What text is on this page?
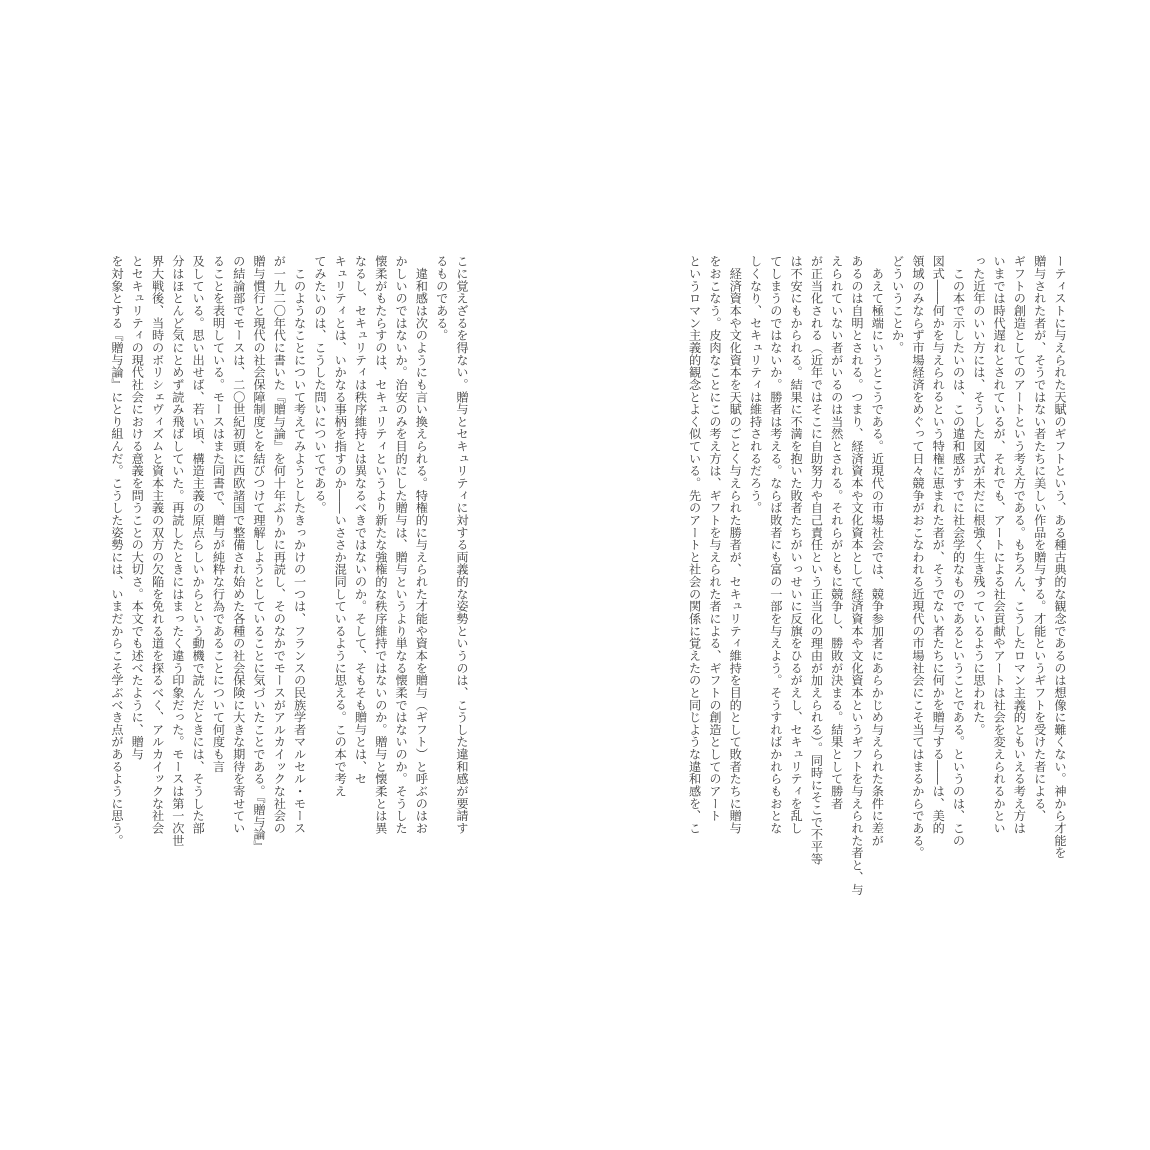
ーティストに与えられた天賦のギフトという、ある種古典的な観念であるのは想像に難くない。神から才能を

贈与された者が、そうではない者たちに美しい作品を贈与する。才能というギフトを受けた者による、

ギフトの創造としてのアートという考え方である。もちろん、こうしたロマン主義的ともいえる考え方は

いまでは時代遅れとされているが、それでも、アートによる社会貢献やアートは社会を変えられるかとい

った近年のいい方には、そうした図式が未だに根強く生き残っているように思われた。

　この本で示したいのは、この違和感がすでに社会学的なものであるということである。というのは、この

図式――何かを与えられるという特権に恵まれた者が、そうでない者たちに何かを贈与する――は、美的

領域のみならず市場経済をめぐって日々競争がおこなわれる近現代の市場社会にこそ当てはまるからである。

どういうことか。

　あえて極端にいうとこうである。近現代の市場社会では、競争参加者にあらかじめ与えられた条件に差が

あるのは自明とされる。つまり、経済資本や文化資本として経済資本や文化資本というギフトを与えられた者と、与

えられていない者がいるのは当然とされる。それらがともに競争し、勝敗が決まる。結果として勝者

が正当化される（近年ではそこに自助努力や自己責任という正当化の理由が加えられる）。同時にそこで不平等

は不安にもかられる。結果に不満を抱いた敗者たちがいっせいに反旗をひるがえし、セキュリティを乱し

てしまうのではないか。勝者は考える。ならば敗者にも富の一部を与えよう。そうすればかれらもおとな

しくなり、セキュリティは維持されるだろう。

　経済資本や文化資本を天賦のごとく与えられた勝者が、セキュリティ維持を目的として敗者たちに贈与

をおこなう。皮肉なことにこの考え方は、ギフトを与えられた者による、ギフトの創造としてのアート

というロマン主義的観念とよく似ている。先のアートと社会の関係に覚えたのと同じような違和感を、こ

こに覚えざるを得ない。贈与とセキュリティに対する両義的な姿勢というのは、こうした違和感が要請す

るものである。

　違和感は次のようにも言い換えられる。特権的に与えられた才能や資本を贈与（ギフト）と呼ぶのはお

かしいのではないか。治安のみを目的にした贈与は、贈与というより単なる懐柔ではないのか。そうした

懐柔がもたらすのは、セキュリティというより新たな強権的な秩序維持ではないのか。贈与と懐柔とは異

なるし、セキュリティは秩序維持とは異なるべきではないのか。そして、そもそも贈与とは、セ

キュリティとは、いかなる事柄を指すのか――いささか混同しているように思える。この本で考え

てみたいのは、こうした問いについてである。

　このようなことについて考えてみようとしたきっかけの一つは、フランスの民族学者マルセル・モース

が一九二〇年代に書いた『贈与論』を何十年ぶりかに再読し、そのなかでモースがアルカイックな社会の

贈与慣行と現代の社会保障制度とを結びつけて理解しようとしていることに気づいたことである。『贈与論』

の結論部でモースは、二〇世紀初頭に西欧諸国で整備され始めた各種の社会保険に大きな期待を寄せてい

ることを表明している。モースはまた同書で、贈与が純粋な行為であることについて何度も言

及している。思い出せば、若い頃、構造主義の原点らしいからという動機で読んだときには、そうした部

分はほとんど気にとめず読み飛ばしていた。再読したときにはまったく違う印象だった。モースは第一次世

界大戦後、当時のボリシェヴィズムと資本主義の双方の欠陥を免れる道を探るべく、アルカイックな社会

とセキュリティの現代社会における意義を問うことの大切さ。本文でも述べたように、贈与

を対象とする『贈与論』にとり組んだ。こうした姿勢には、いまだからこそ学ぶべき点があるように思う。
